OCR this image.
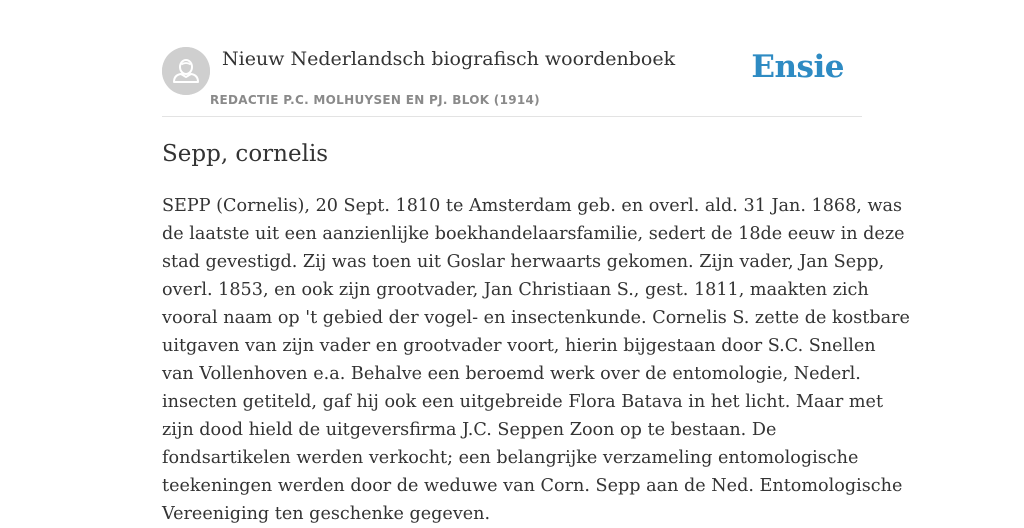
Nieuw Nederlandsch biografisch woordenboek
REDACTIE P.C. MOLHUYSEN EN PJ. BLOK (1914)
Ensie
Sepp, cornelis
SEPP (Cornelis), 20 Sept. 1810 te Amsterdam geb. en overl. ald. 31 Jan. 1868, was
de laatste uit een aanzienlijke boekhandelaarsfamilie, sedert de 18de eeuw in deze
stad gevestigd. Zij was toen uit Goslar herwaarts gekomen. Zijn vader, Jan Sepp,
overl. 1853, en ook zijn grootvader, Jan Christiaan S., gest. 1811, maakten zich
vooral naam op 't gebied der vogel- en insectenkunde. Cornelis S. zette de kostbare
uitgaven van zijn vader en grootvader voort, hierin bijgestaan door S.C. Snellen
van Vollenhoven e.a. Behalve een beroemd werk over de entomologie, Nederl.
insecten getiteld, gaf hij ook een uitgebreide Flora Batava in het licht. Maar met
zijn dood hield de uitgeversfirma J.C. Seppen Zoon op te bestaan. De
fondsartikelen werden verkocht; een belangrijke verzameling entomologische
teekeningen werden door de weduwe van Corn. Sepp aan de Ned. Entomologische
Vereeniging ten geschenke gegeven.
